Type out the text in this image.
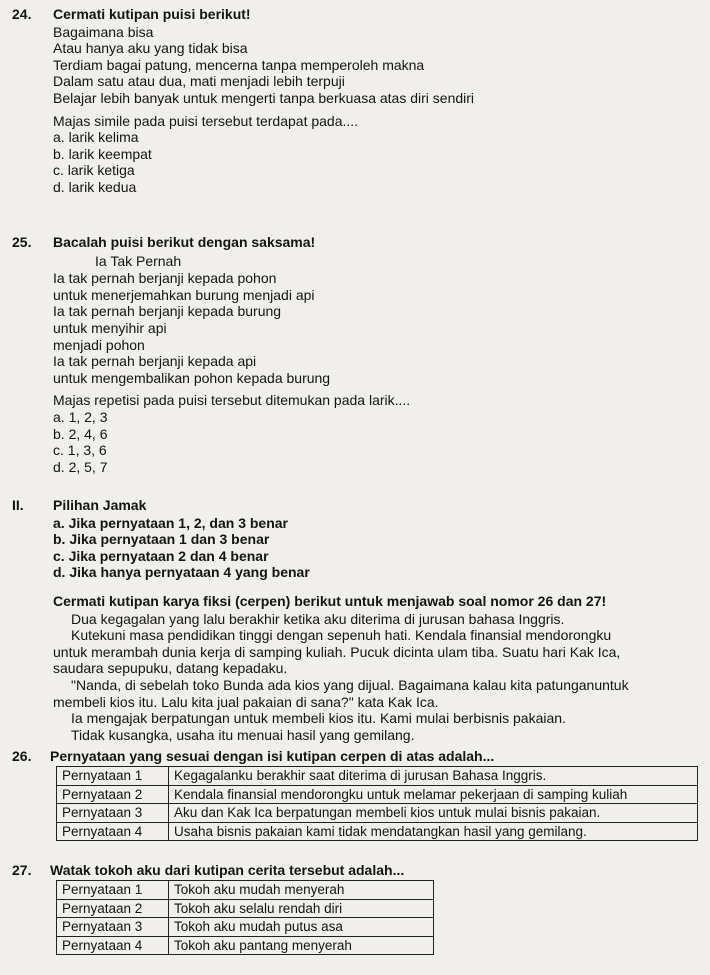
24. Cermati kutipan puisi berikut!
Bagaimana bisa
Atau hanya aku yang tidak bisa
Terdiam bagai patung, mencerna tanpa memperoleh makna
Dalam satu atau dua, mati menjadi lebih terpuji
Belajar lebih banyak untuk mengerti tanpa berkuasa atas diri sendiri
Majas simile pada puisi tersebut terdapat pada....
a. larik kelima
b. larik keempat
c. larik ketiga
d. larik kedua
25. Bacalah puisi berikut dengan saksama!
Ia Tak Pernah
Ia tak pernah berjanji kepada pohon
untuk menerjemahkan burung menjadi api
Ia tak pernah berjanji kepada burung
untuk menyihir api
menjadi pohon
Ia tak pernah berjanji kepada api
untuk mengembalikan pohon kepada burung
Majas repetisi pada puisi tersebut ditemukan pada larik....
a. 1, 2, 3
b. 2, 4, 6
c. 1, 3, 6
d. 2, 5, 7
II. Pilihan Jamak
a. Jika pernyataan 1, 2, dan 3 benar
b. Jika pernyataan 1 dan 3 benar
c. Jika pernyataan 2 dan 4 benar
d. Jika hanya pernyataan 4 yang benar
Cermati kutipan karya fiksi (cerpen) berikut untuk menjawab soal nomor 26 dan 27!
Dua kegagalan yang lalu berakhir ketika aku diterima di jurusan bahasa Inggris.
Kutekuni masa pendidikan tinggi dengan sepenuh hati. Kendala finansial mendorongku
untuk merambah dunia kerja di samping kuliah. Pucuk dicinta ulam tiba. Suatu hari Kak Ica,
saudara sepupuku, datang kepadaku.
"Nanda, di sebelah toko Bunda ada kios yang dijual. Bagaimana kalau kita patunganuntuk
membeli kios itu. Lalu kita jual pakaian di sana?" kata Kak Ica.
Ia mengajak berpatungan untuk membeli kios itu. Kami mulai berbisnis pakaian.
Tidak kusangka, usaha itu menuai hasil yang gemilang.
26. Pernyataan yang sesuai dengan isi kutipan cerpen di atas adalah...
Pernyataan 1	Kegagalanku berakhir saat diterima di jurusan Bahasa Inggris.
Pernyataan 2	Kendala finansial mendorongku untuk melamar pekerjaan di samping kuliah
Pernyataan 3	Aku dan Kak Ica berpatungan membeli kios untuk mulai bisnis pakaian.
Pernyataan 4	Usaha bisnis pakaian kami tidak mendatangkan hasil yang gemilang.
27. Watak tokoh aku dari kutipan cerita tersebut adalah...
Pernyataan 1	Tokoh aku mudah menyerah
Pernyataan 2	Tokoh aku selalu rendah diri
Pernyataan 3	Tokoh aku mudah putus asa
Pernyataan 4	Tokoh aku pantang menyerah
